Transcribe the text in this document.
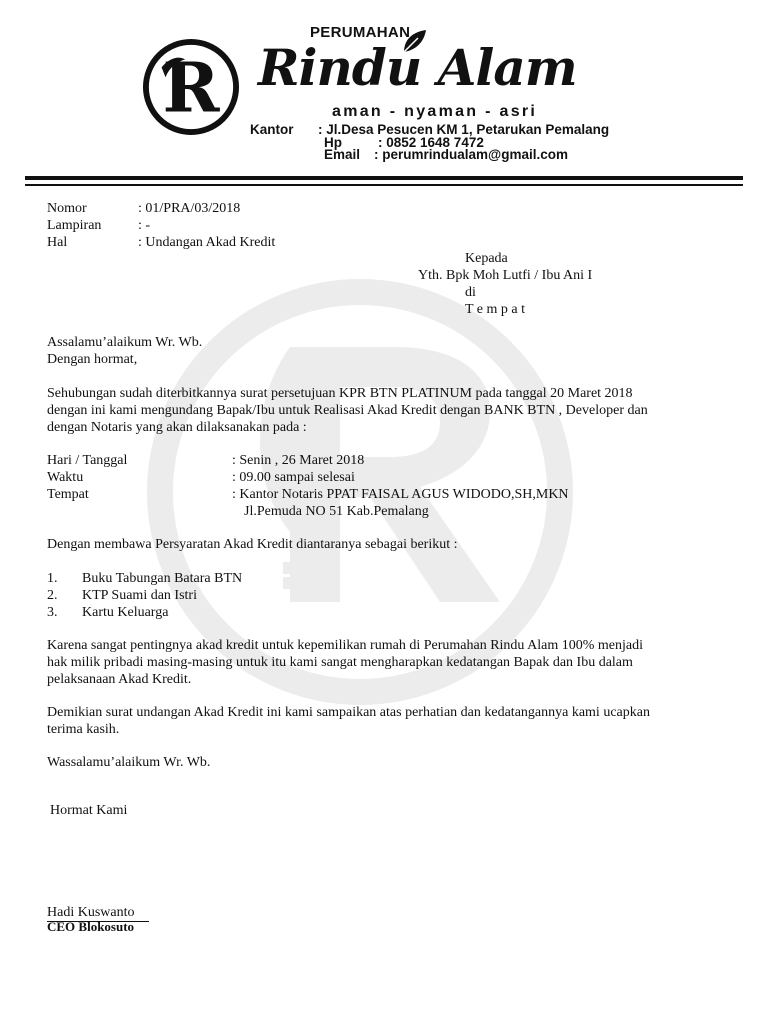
R
PERUMAHAN
Rindu Alam
aman - nyaman - asri
Kantor : Jl.Desa Pesucen KM 1, Petarukan Pemalang
Hp	: 0852 1648 7472
Email : perumrindualam@gmail.com
Nomor	: 01/PRA/03/2018
Lampiran	: -
Hal	: Undangan Akad Kredit
Kepada
Yth. Bpk Moh Lutfi / Ibu Ani I
di
T e m p a t
Assalamu’alaikum Wr. Wb.
Dengan hormat,
Sehubungan sudah diterbitkannya surat persetujuan KPR BTN PLATINUM pada tanggal 20 Maret 2018
dengan ini kami mengundang Bapak/Ibu untuk Realisasi Akad Kredit dengan BANK BTN , Developer dan
dengan Notaris yang akan dilaksanakan pada :
Hari / Tanggal	: Senin , 26 Maret 2018
Waktu	: 09.00 sampai selesai
Tempat	: Kantor Notaris PPAT FAISAL AGUS WIDODO,SH,MKN
Jl.Pemuda NO 51 Kab.Pemalang
Dengan membawa Persyaratan Akad Kredit diantaranya sebagai berikut :
1. Buku Tabungan Batara BTN
2. KTP Suami dan Istri
3. Kartu Keluarga
Karena sangat pentingnya akad kredit untuk kepemilikan rumah di Perumahan Rindu Alam 100% menjadi
hak milik pribadi masing-masing untuk itu kami sangat mengharapkan kedatangan Bapak dan Ibu dalam
pelaksanaan Akad Kredit.
Demikian surat undangan Akad Kredit ini kami sampaikan atas perhatian dan kedatangannya kami ucapkan
terima kasih.
Wassalamu’alaikum Wr. Wb.
Hormat Kami
Hadi Kuswanto
CEO Blokosuto
